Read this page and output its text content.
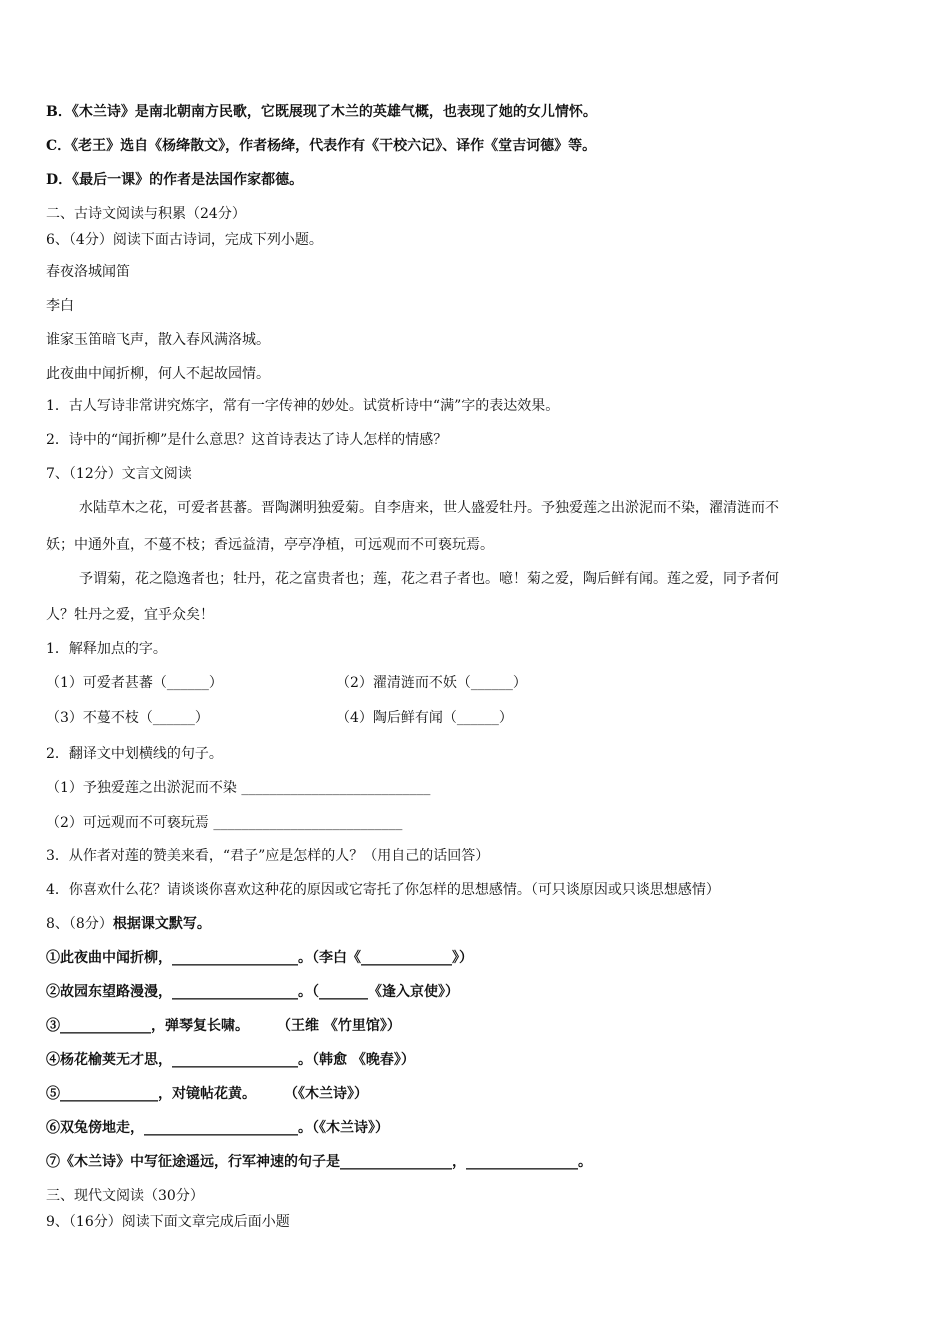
B．《木兰诗》是南北朝南方民歌，它既展现了木兰的英雄气概，也表现了她的女儿情怀。
C．《老王》选自《杨绛散文》，作者杨绛，代表作有《干校六记》、译作《堂吉诃德》等。
D．《最后一课》的作者是法国作家都德。
二、古诗文阅读与积累（24分）
6、（4分）阅读下面古诗词，完成下列小题。
春夜洛城闻笛
李白
谁家玉笛暗飞声，散入春风满洛城。
此夜曲中闻折柳，何人不起故园情。
1．古人写诗非常讲究炼字，常有一字传神的妙处。试赏析诗中“满”字的表达效果。
2．诗中的“闻折柳”是什么意思？这首诗表达了诗人怎样的情感？
7、（12分）文言文阅读
水陆草木之花，可爱者甚蕃。晋陶渊明独爱菊。自李唐来，世人盛爱牡丹。予独爱莲之出淤泥而不染，濯清涟而不
妖；中通外直，不蔓不枝；香远益清，亭亭净植，可远观而不可亵玩焉。
予谓菊，花之隐逸者也；牡丹，花之富贵者也；莲，花之君子者也。噫！菊之爱，陶后鲜有闻。莲之爱，同予者何
人？牡丹之爱，宜乎众矣！
1．解释加点的字。
（1）可爱者甚蕃（______）	（2）濯清涟而不妖（______）
（3）不蔓不枝（______）	（4）陶后鲜有闻（______）
2．翻译文中划横线的句子。
（1）予独爱莲之出淤泥而不染 ___________________________
（2）可远观而不可亵玩焉 ___________________________
3．从作者对莲的赞美来看，“君子”应是怎样的人？（用自己的话回答）
4．你喜欢什么花？请谈谈你喜欢这种花的原因或它寄托了你怎样的思想感情。（可只谈原因或只谈思想感情）
8、（8分）根据课文默写。
①此夜曲中闻折柳，__________________。（李白《_____________》）
②故园东望路漫漫，__________________。（_______《逢入京使》）
③_____________，弹琴复长啸。　　　（王维 《竹里馆》）
④杨花榆荚无才思，__________________。（韩愈 《晚春》）
⑤______________，对镜帖花黄。　　　（《木兰诗》）
⑥双兔傍地走，______________________。（《木兰诗》）
⑦《木兰诗》中写征途遥远，行军神速的句子是________________，________________。
三、现代文阅读（30分）
9、（16分）阅读下面文章完成后面小题
